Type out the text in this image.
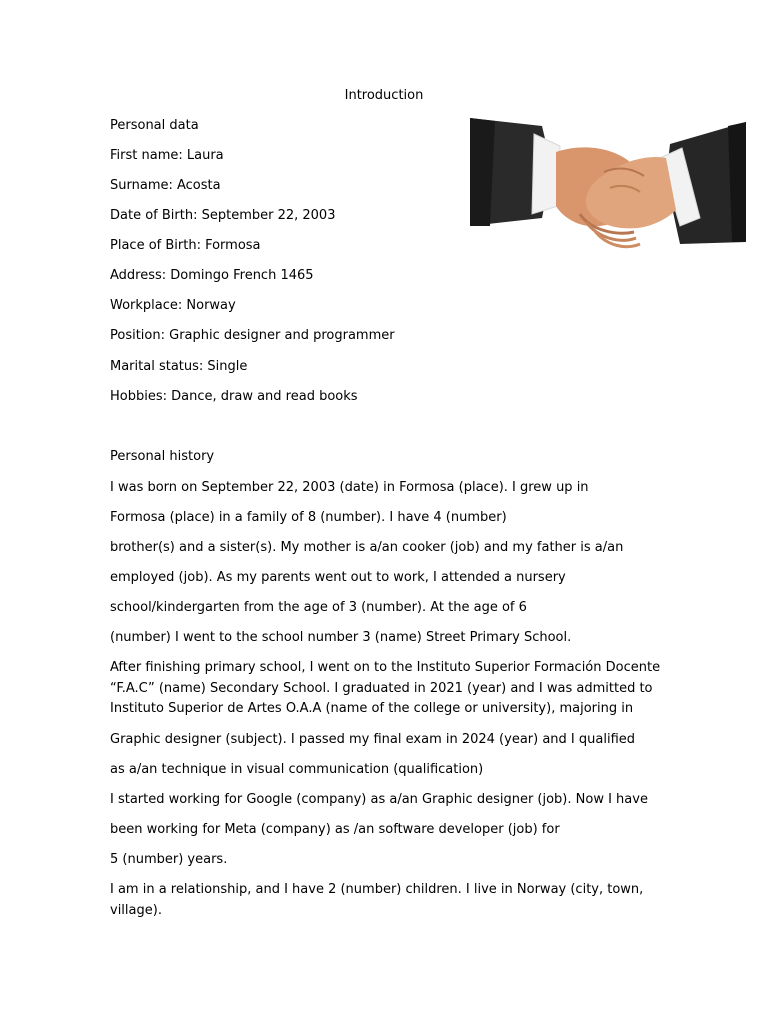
Introduction
Personal data
First name: Laura
Surname: Acosta
Date of Birth: September 22, 2003
Place of Birth: Formosa
Address: Domingo French 1465
Workplace: Norway
Position: Graphic designer and programmer
Marital status: Single
Hobbies: Dance, draw and read books
Personal history
I was born on September 22, 2003 (date) in Formosa (place). I grew up in
Formosa (place) in a family of 8 (number). I have 4 (number)
brother(s) and a sister(s). My mother is a/an cooker (job) and my father is a/an
employed (job). As my parents went out to work, I attended a nursery
school/kindergarten from the age of 3 (number). At the age of 6
(number) I went to the school number 3 (name) Street Primary School.
After finishing primary school, I went on to the Instituto Superior Formación Docente
“F.A.C” (name) Secondary School. I graduated in 2021 (year) and I was admitted to
Instituto Superior de Artes O.A.A (name of the college or university), majoring in
Graphic designer (subject). I passed my final exam in 2024 (year) and I qualified
as a/an technique in visual communication (qualification)
I started working for Google (company) as a/an Graphic designer (job). Now I have
been working for Meta (company) as /an software developer (job) for
5 (number) years.
I am in a relationship, and I have 2 (number) children. I live in Norway (city, town,
village).
